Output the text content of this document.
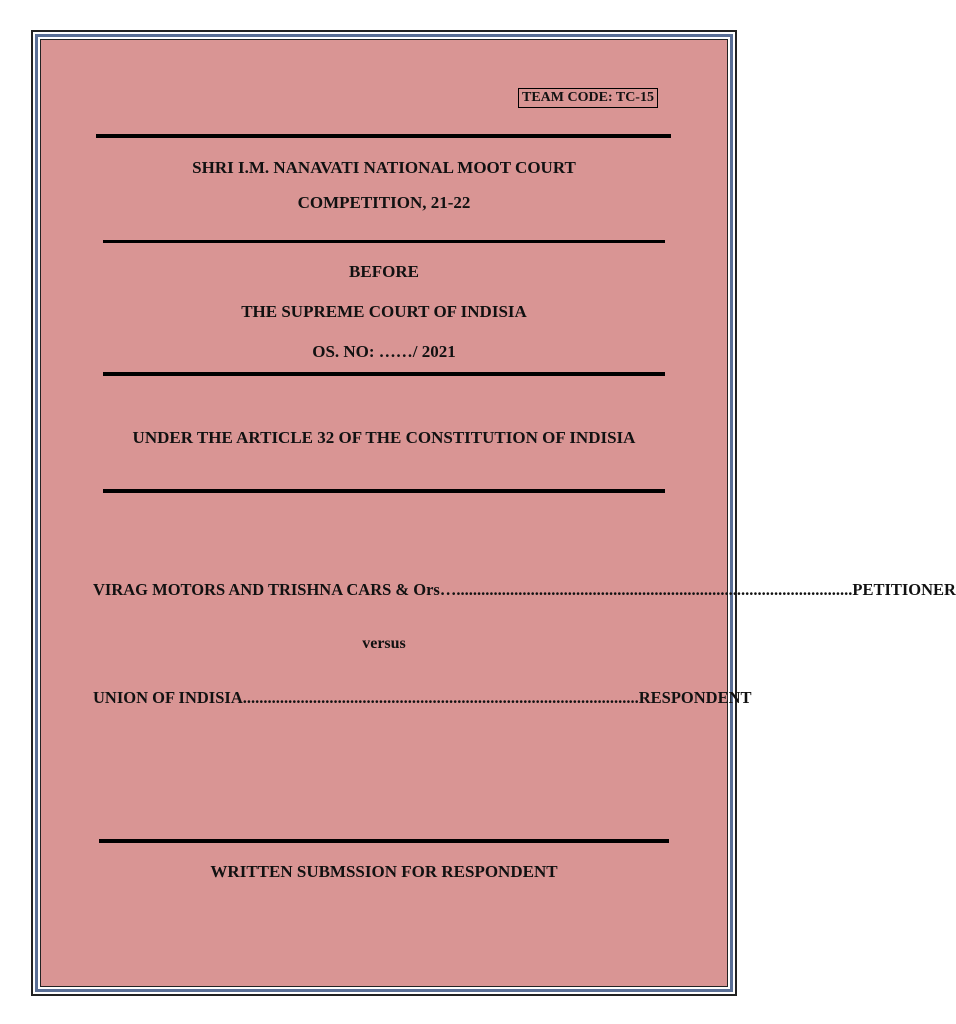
TEAM CODE: TC-15
SHRI I.M. NANAVATI NATIONAL MOOT COURT
COMPETITION, 21-22
BEFORE
THE SUPREME COURT OF INDISIA
OS. NO: ……/ 2021
UNDER THE ARTICLE 32 OF THE CONSTITUTION OF INDISIA
VIRAG MOTORS AND TRISHNA CARS & Ors… ................................................................................................ PETITIONER
versus
UNION OF INDISIA ................................................................................................ RESPONDENT
WRITTEN SUBMSSION FOR RESPONDENT
